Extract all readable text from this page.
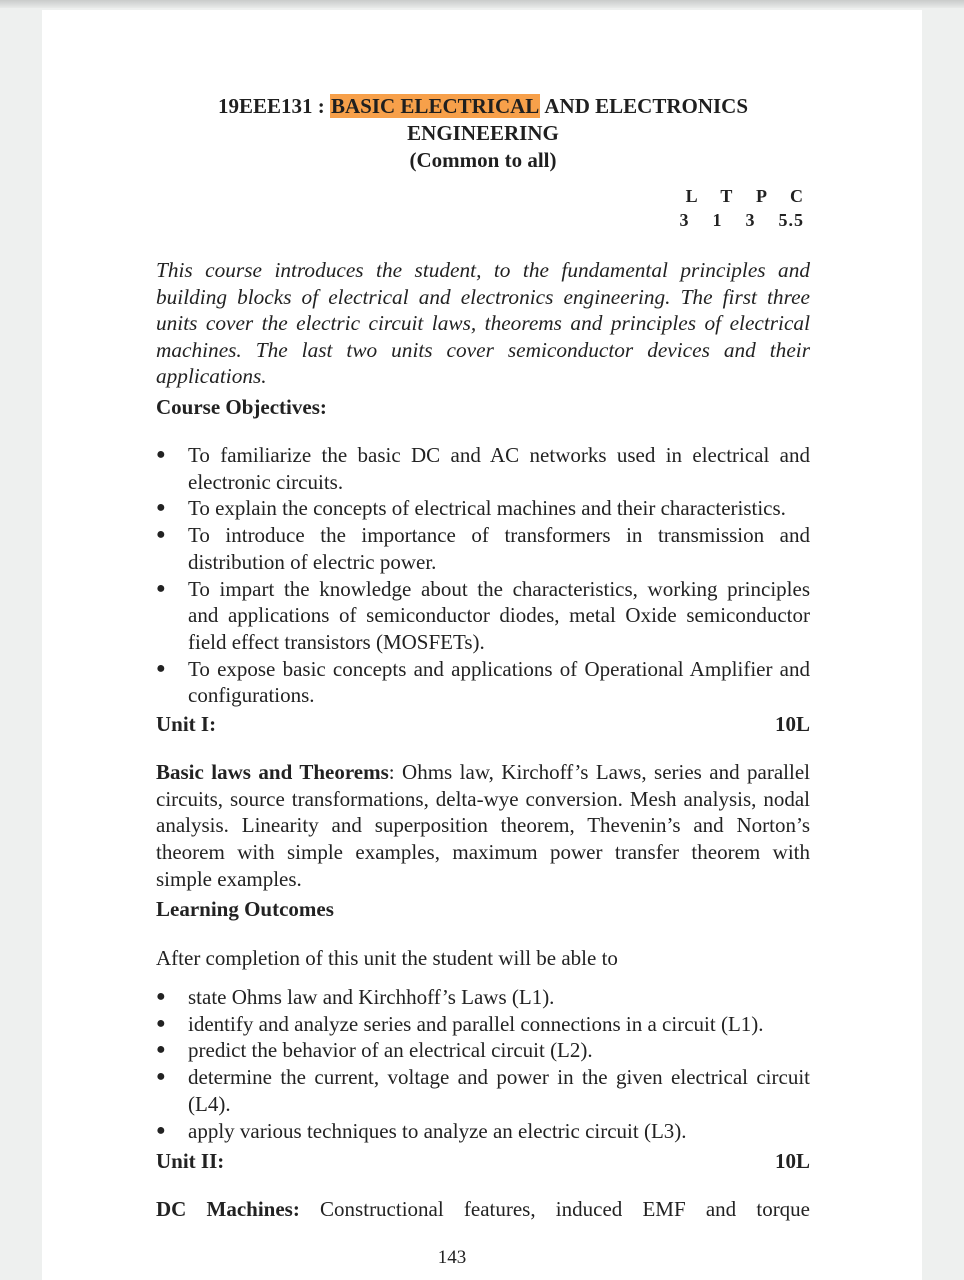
19EEE131 : BASIC ELECTRICAL AND ELECTRONICS
ENGINEERING
(Common to all)
L  T  P  C
3  1  3  5.5
This course introduces the student, to the fundamental principles and building blocks of electrical and electronics engineering. The first three units cover the electric circuit laws, theorems and principles of electrical machines. The last two units cover semiconductor devices and their applications.
Course Objectives:
● To familiarize the basic DC and AC networks used in electrical and electronic circuits.
● To explain the concepts of electrical machines and their characteristics.
● To introduce the importance of transformers in transmission and distribution of electric power.
● To impart the knowledge about the characteristics, working principles and applications of semiconductor diodes, metal Oxide semiconductor field effect transistors (MOSFETs).
● To expose basic concepts and applications of Operational Amplifier and configurations.
Unit I:	10L
Basic laws and Theorems: Ohms law, Kirchoff’s Laws, series and parallel circuits, source transformations, delta-wye conversion. Mesh analysis, nodal analysis. Linearity and superposition theorem, Thevenin’s and Norton’s theorem with simple examples, maximum power transfer theorem with simple examples.
Learning Outcomes
After completion of this unit the student will be able to
● state Ohms law and Kirchhoff’s Laws (L1).
● identify and analyze series and parallel connections in a circuit (L1).
● predict the behavior of an electrical circuit (L2).
● determine the current, voltage and power in the given electrical circuit (L4).
● apply various techniques to analyze an electric circuit (L3).
Unit II:	10L
DC Machines: Constructional features, induced EMF and torque
143
